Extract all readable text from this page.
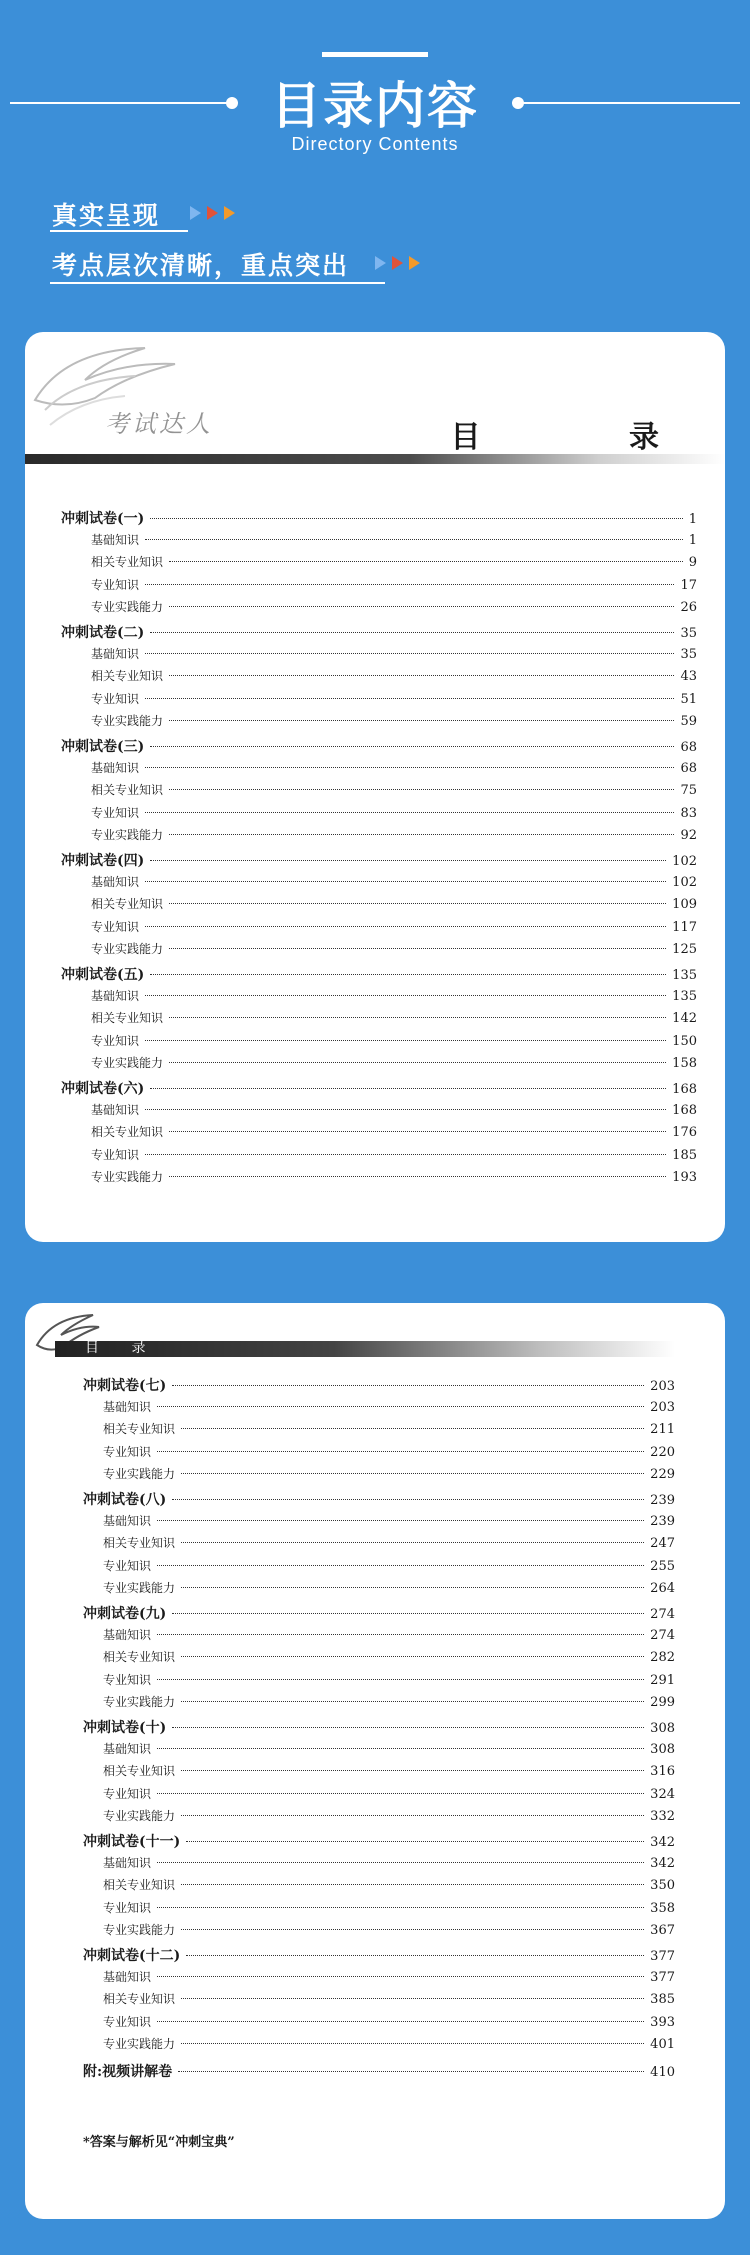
目录内容
Directory Contents
真实呈现
考点层次清晰，重点突出
考试达人	目 录
冲刺试卷(一)	1
基础知识	1
相关专业知识	9
专业知识	17
专业实践能力	26
冲刺试卷(二)	35
基础知识	35
相关专业知识	43
专业知识	51
专业实践能力	59
冲刺试卷(三)	68
基础知识	68
相关专业知识	75
专业知识	83
专业实践能力	92
冲刺试卷(四)	102
基础知识	102
相关专业知识	109
专业知识	117
专业实践能力	125
冲刺试卷(五)	135
基础知识	135
相关专业知识	142
专业知识	150
专业实践能力	158
冲刺试卷(六)	168
基础知识	168
相关专业知识	176
专业知识	185
专业实践能力	193
目 录
冲刺试卷(七)	203
基础知识	203
相关专业知识	211
专业知识	220
专业实践能力	229
冲刺试卷(八)	239
基础知识	239
相关专业知识	247
专业知识	255
专业实践能力	264
冲刺试卷(九)	274
基础知识	274
相关专业知识	282
专业知识	291
专业实践能力	299
冲刺试卷(十)	308
基础知识	308
相关专业知识	316
专业知识	324
专业实践能力	332
冲刺试卷(十一)	342
基础知识	342
相关专业知识	350
专业知识	358
专业实践能力	367
冲刺试卷(十二)	377
基础知识	377
相关专业知识	385
专业知识	393
专业实践能力	401
附:视频讲解卷	410
*答案与解析见“冲刺宝典”
